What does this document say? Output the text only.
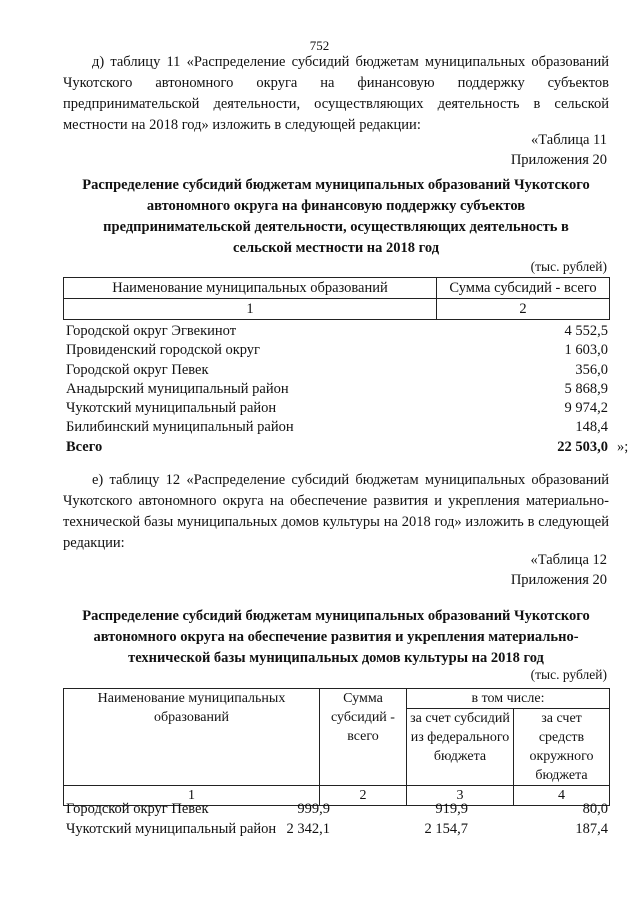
752

д) таблицу 11 «Распределение субсидий бюджетам муниципальных образований Чукотского автономного округа на финансовую поддержку субъектов предпринимательской деятельности, осуществляющих деятельность в сельской местности на 2018 год» изложить в следующей редакции:

«Таблица 11
Приложения 20
Распределение субсидий бюджетам муниципальных образований Чукотского автономного округа на финансовую поддержку субъектов предпринимательской деятельности, осуществляющих деятельность в сельской местности на 2018 год
(тыс. рублей)
Наименование муниципальных образований	Сумма субсидий - всего
1	2
Городской округ Эгвекинот	4 552,5
Провиденский городской округ	1 603,0
Городской округ Певек	356,0
Анадырский муниципальный район	5 868,9
Чукотский муниципальный район	9 974,2
Билибинский муниципальный район	148,4
Всего	22 503,0 »;

е) таблицу 12 «Распределение субсидий бюджетам муниципальных образований Чукотского автономного округа на обеспечение развития и укрепления материально-технической базы муниципальных домов культуры на 2018 год» изложить в следующей редакции:

«Таблица 12
Приложения 20
Распределение субсидий бюджетам муниципальных образований Чукотского автономного округа на обеспечение развития и укрепления материально-технической базы муниципальных домов культуры на 2018 год
(тыс. рублей)
Наименование муниципальных образований	Сумма субсидий - всего	в том числе:	
		за счет субсидий из федерального бюджета	за счет средств окружного бюджета
1	2	3	4
Городской округ Певек	999,9	919,9	80,0
Чукотский муниципальный район 2 342,1	2 154,7	187,4
